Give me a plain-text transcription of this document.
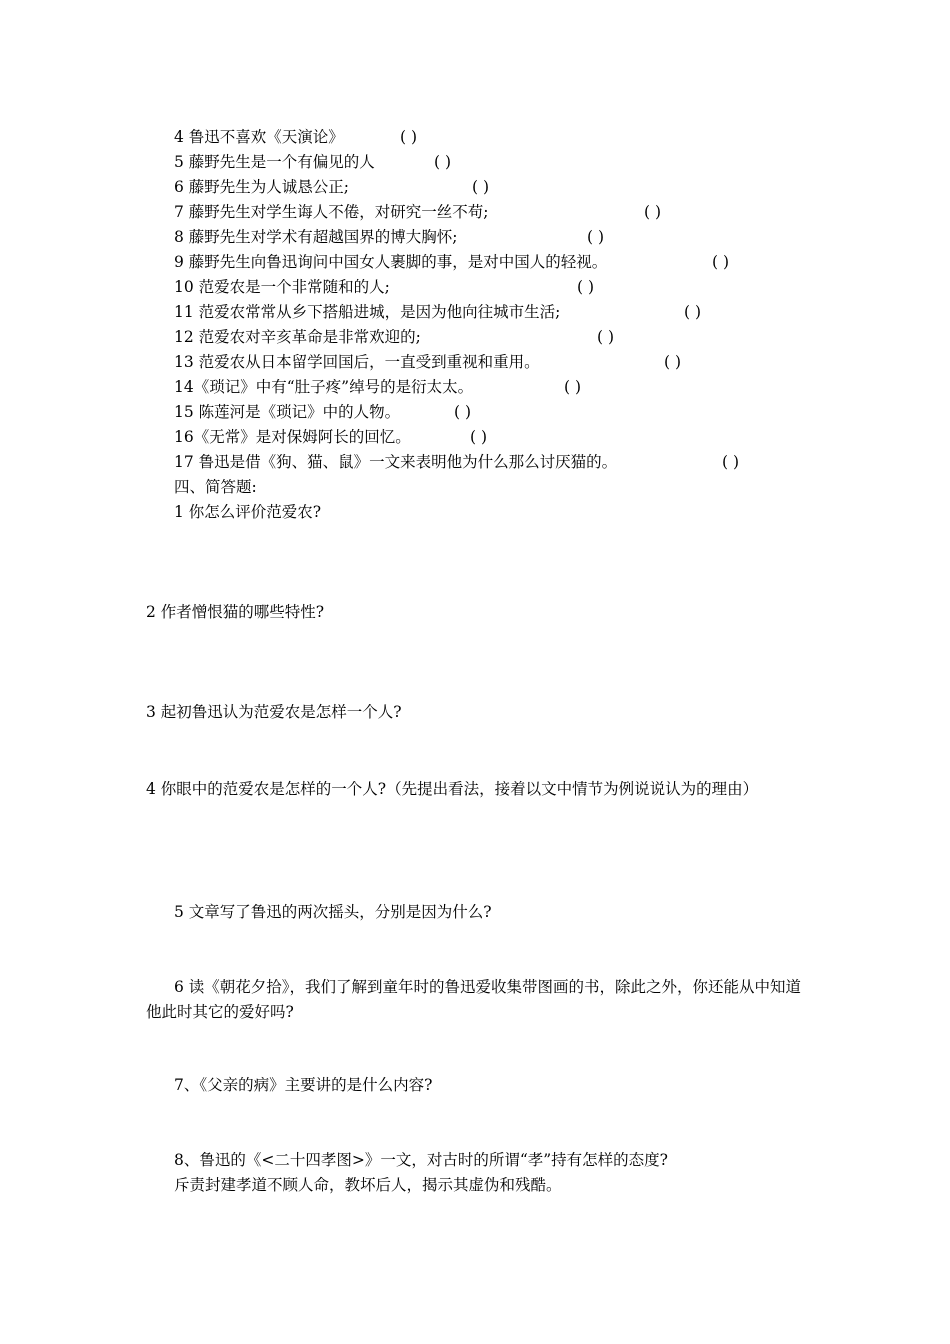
4 鲁迅不喜欢《天演论》	( )
5 藤野先生是一个有偏见的人	( )
6 藤野先生为人诚恳公正;	( )
7 藤野先生对学生诲人不倦，对研究一丝不苟;	( )
8 藤野先生对学术有超越国界的博大胸怀;	( )
9 藤野先生向鲁迅询问中国女人裹脚的事，是对中国人的轻视。	( )
10 范爱农是一个非常随和的人;	( )
11 范爱农常常从乡下搭船进城，是因为他向往城市生活;	( )
12 范爱农对辛亥革命是非常欢迎的;	( )
13 范爱农从日本留学回国后，一直受到重视和重用。	( )
14《琐记》中有“肚子疼”绰号的是衍太太。	( )
15 陈莲河是《琐记》中的人物。	( )
16《无常》是对保姆阿长的回忆。	( )
17 鲁迅是借《狗、猫、鼠》一文来表明他为什么那么讨厌猫的。	( )
四、简答题:
1 你怎么评价范爱农?
2 作者憎恨猫的哪些特性?
3 起初鲁迅认为范爱农是怎样一个人?
4 你眼中的范爱农是怎样的一个人?（先提出看法，接着以文中情节为例说说认为的理由）
5 文章写了鲁迅的两次摇头，分别是因为什么?
6 读《朝花夕拾》，我们了解到童年时的鲁迅爱收集带图画的书，除此之外，你还能从中知道他此时其它的爱好吗?
7、《父亲的病》主要讲的是什么内容?
8、鲁迅的《<二十四孝图>》一文，对古时的所谓“孝”持有怎样的态度?
斥责封建孝道不顾人命，教坏后人，揭示其虚伪和残酷。
